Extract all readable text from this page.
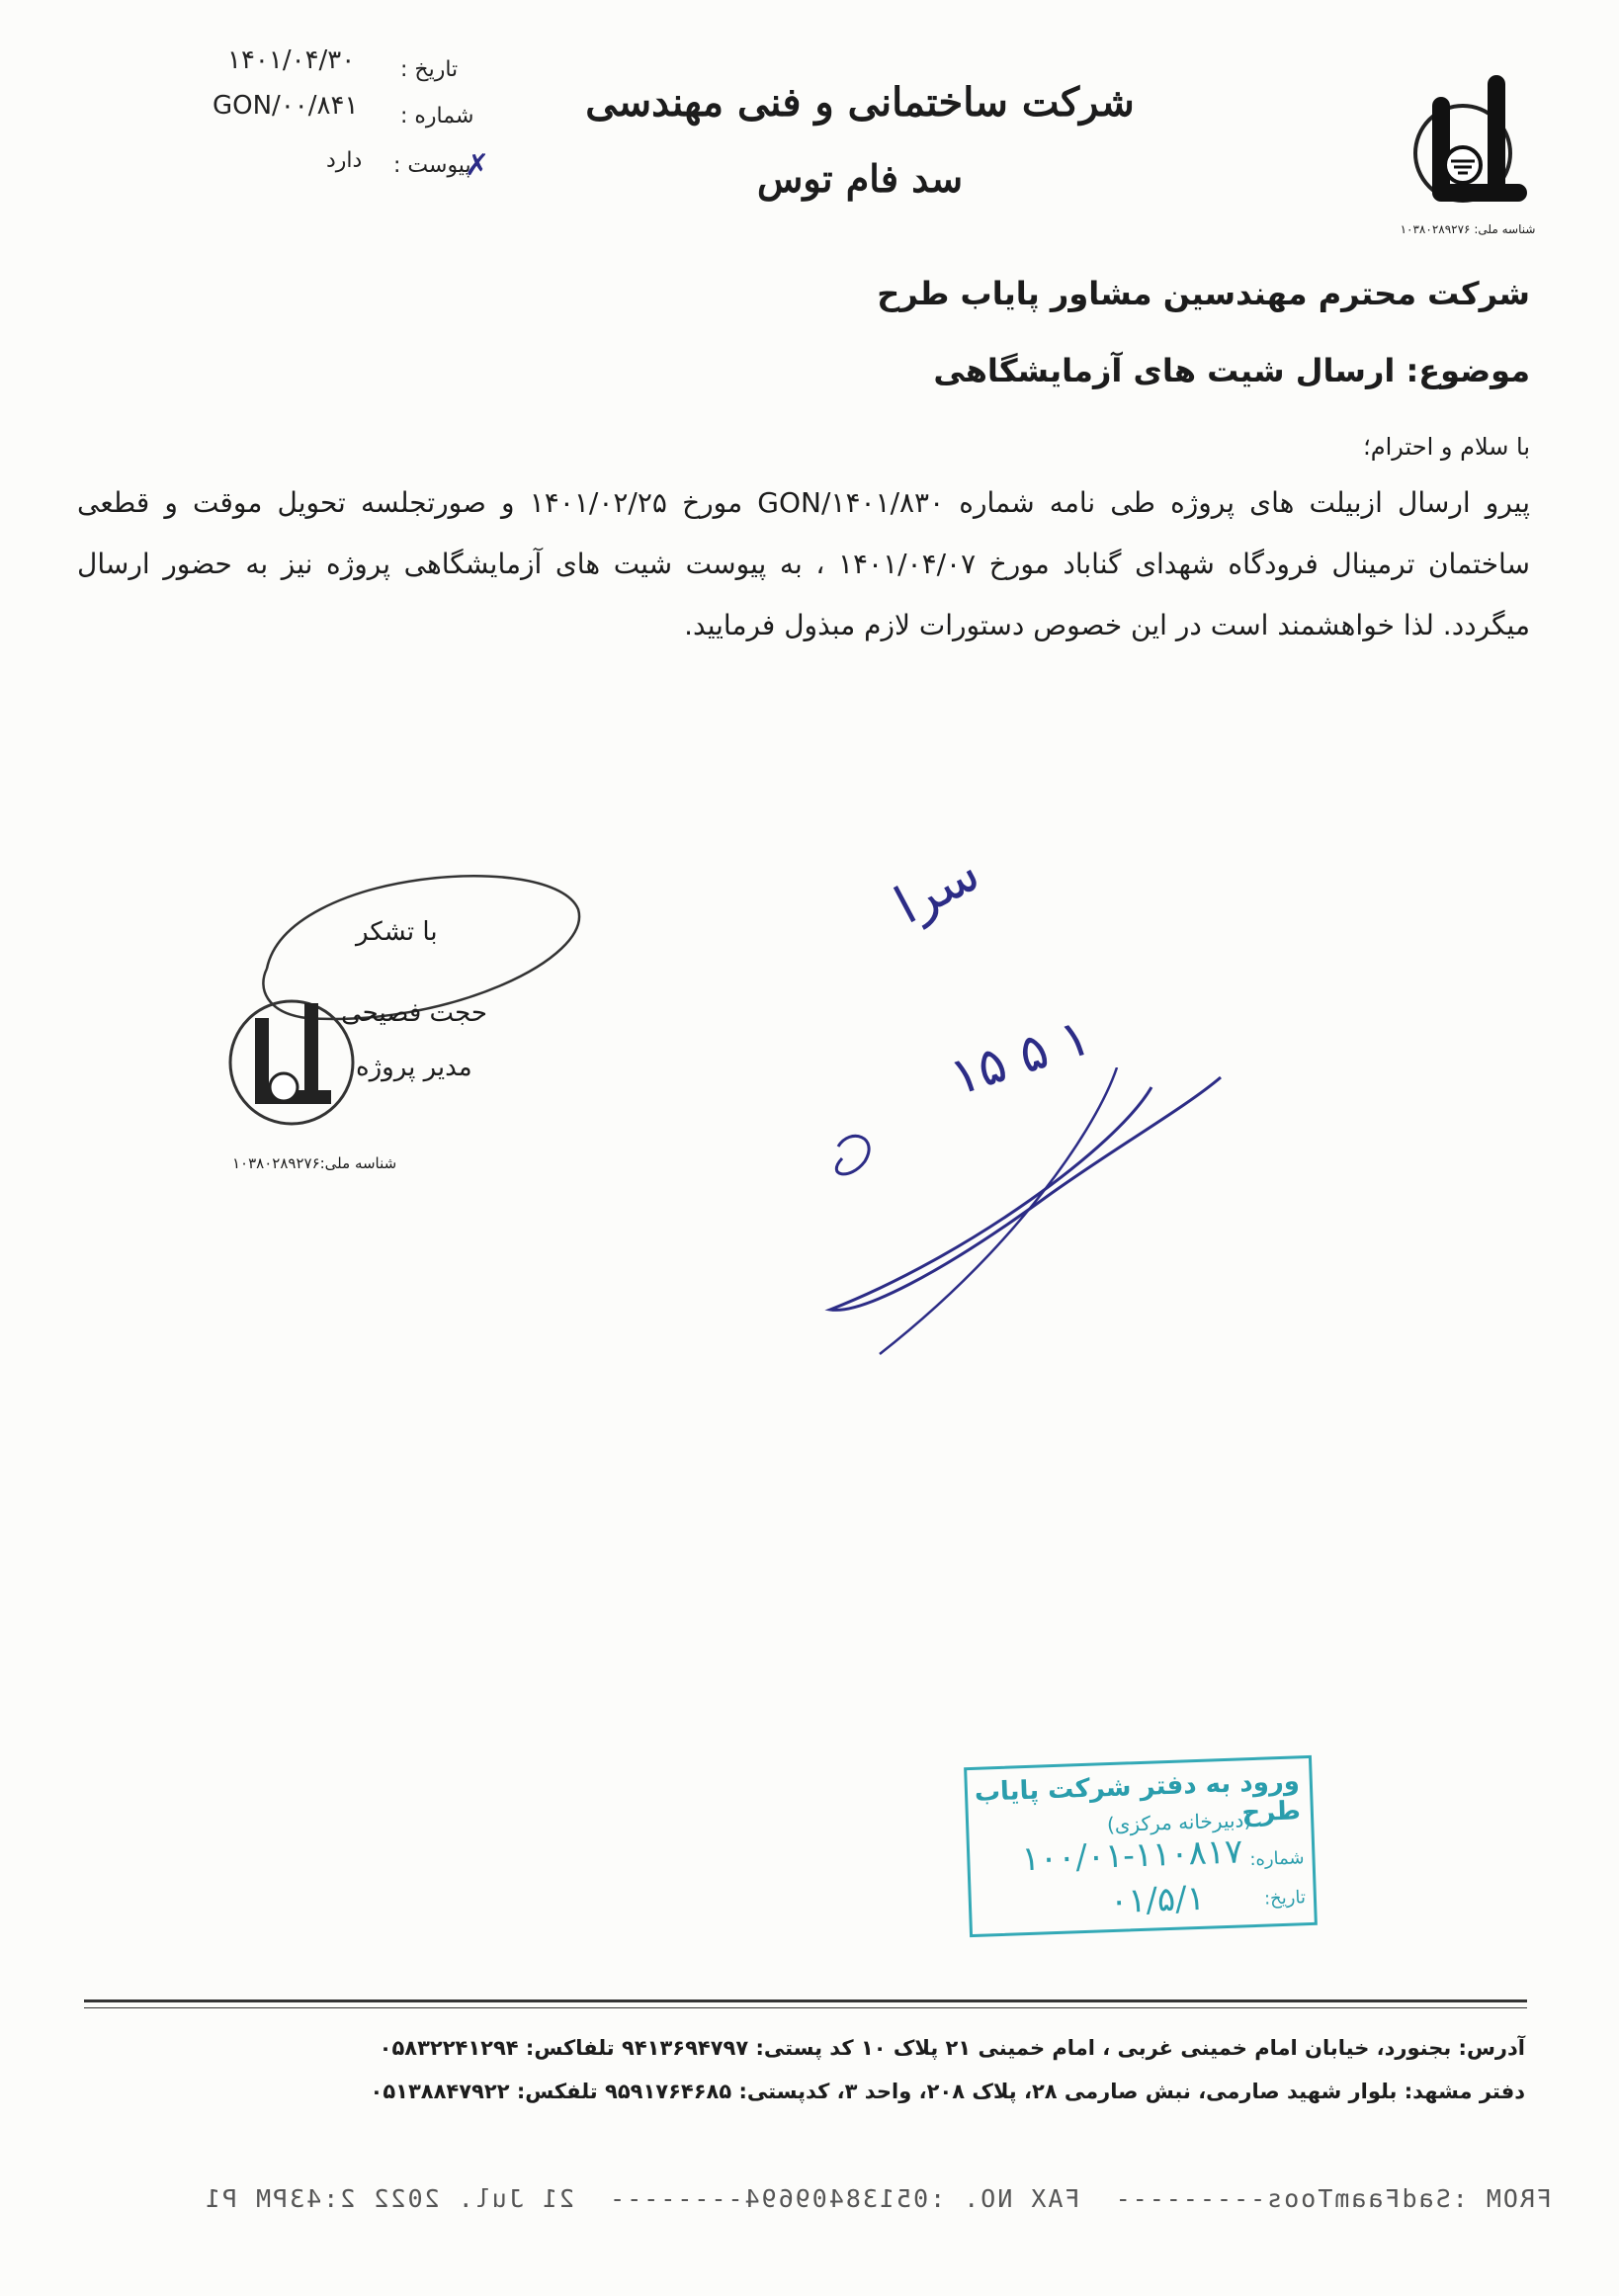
شناسه ملی: ۱۰۳۸۰۲۸۹۲۷۶
شرکت ساختمانی و فنی مهندسی
سد فام توس
تاریخ :
۱۴۰۱/۰۴/۳۰
شماره :
GON/۰۰/۸۴۱
پیوست :
دارد	✗
شرکت محترم مهندسین مشاور پایاب طرح
موضوع: ارسال شیت های آزمایشگاهی
با سلام و احترام؛
پیرو ارسال ازبیلت های پروژه طی نامه شماره GON/۱۴۰۱/۸۳۰ مورخ ۱۴۰۱/۰۲/۲۵ و صورتجلسه تحویل موقت و قطعی ساختمان ترمینال فرودگاه شهدای گناباد مورخ ۱۴۰۱/۰۴/۰۷ ، به پیوست شیت های آزمایشگاهی پروژه نیز به حضور ارسال میگردد. لذا خواهشمند است در این خصوص دستورات لازم مبذول فرمایید.
با تشکر
حجت فصیحی
مدیر پروژه
شناسه ملی:۱۰۳۸۰۲۸۹۲۷۶
سرا
۱۵ ۵ ۱
ورود به دفتر شرکت پایاب طرح
(دبیرخانه مرکزی)
شماره:
۱۰۰/۰۱-۱۱۰۸۱۷
تاریخ:
۰۱/۵/۱
آدرس: بجنورد، خیابان امام خمینی غربی ، امام خمینی ۲۱ پلاک ۱۰ کد پستی: ۹۴۱۳۶۹۴۷۹۷ تلفاکس: ۰۵۸۳۲۲۴۱۲۹۴
دفتر مشهد: بلوار شهید صارمی، نبش صارمی ۲۸، پلاک ۲۰۸، واحد ۳، کدپستی: ۹۵۹۱۷۶۴۶۸۵ تلفکس: ۰۵۱۳۸۸۴۷۹۲۲
FROM :SadFaamToos---------  FAX NO. :05138409694--------  21 Jul. 2022 2:43PM P1
